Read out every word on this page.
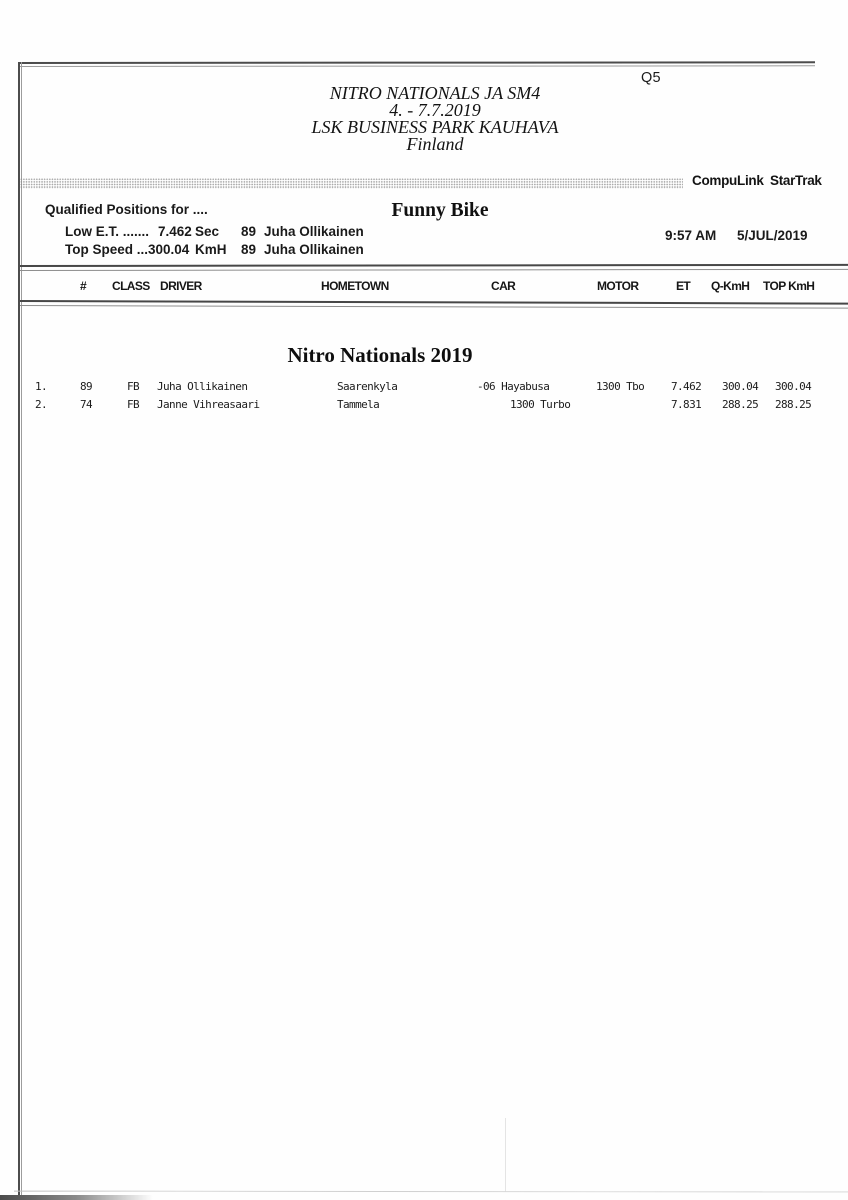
Q5
NITRO NATIONALS JA SM4
4. - 7.7.2019
LSK BUSINESS PARK KAUHAVA
Finland
CompuLink StarTrak
Qualified Positions for ....	Funny Bike
Low E.T. ....... 7.462 Sec 89 Juha Ollikainen
Top Speed ... 300.04 KmH 89 Juha Ollikainen
9:57 AM 5/JUL/2019
# CLASS DRIVER	HOMETOWN	CAR	MOTOR	ET Q-KmH TOP KmH
Nitro Nationals 2019
1.	89	FB Juha Ollikainen	Saarenkyla	-06 Hayabusa	1300 Tbo 7.462 300.04 300.04
2.	74	FB Janne Vihreasaari	Tammela	1300 Turbo	7.831 288.25 288.25
